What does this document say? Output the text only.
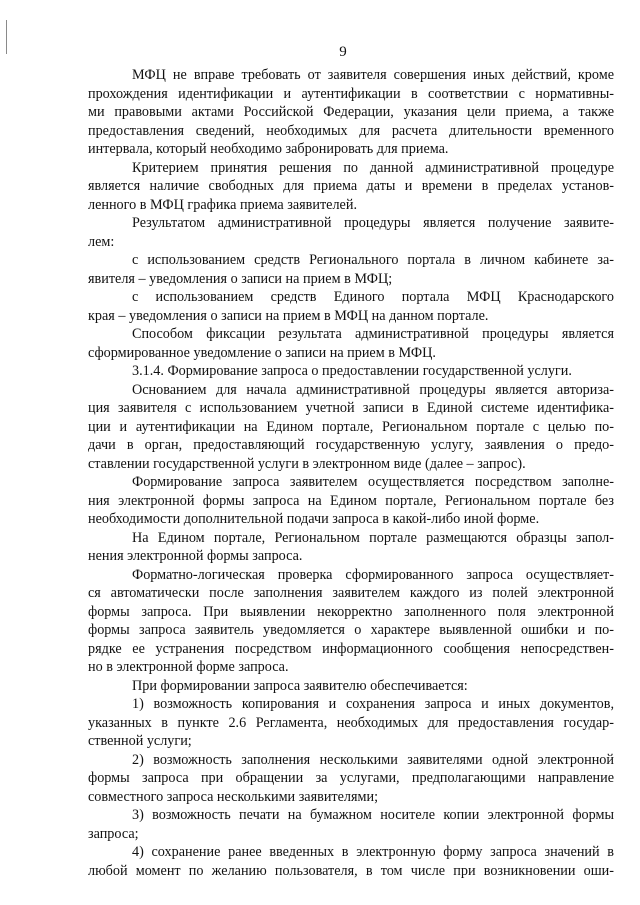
9
МФЦ не вправе требовать от заявителя совершения иных действий, кроме
прохождения идентификации и аутентификации в соответствии с нормативны-
ми правовыми актами Российской Федерации, указания цели приема, а также
предоставления сведений, необходимых для расчета длительности временного
интервала, который необходимо забронировать для приема.
Критерием принятия решения по данной административной процедуре
является наличие свободных для приема даты и времени в пределах установ-
ленного в МФЦ графика приема заявителей.
Результатом административной процедуры является получение заявите-
лем:
с использованием средств Регионального портала в личном кабинете за-
явителя – уведомления о записи на прием в МФЦ;
с использованием средств Единого портала МФЦ Краснодарского
края – уведомления о записи на прием в МФЦ на данном портале.
Способом фиксации результата административной процедуры является
сформированное уведомление о записи на прием в МФЦ.
3.1.4. Формирование запроса о предоставлении государственной услуги.
Основанием для начала административной процедуры является авториза-
ция заявителя с использованием учетной записи в Единой системе идентифика-
ции и аутентификации на Едином портале, Региональном портале с целью по-
дачи в орган, предоставляющий государственную услугу, заявления о предо-
ставлении государственной услуги в электронном виде (далее – запрос).
Формирование запроса заявителем осуществляется посредством заполне-
ния электронной формы запроса на Едином портале, Региональном портале без
необходимости дополнительной подачи запроса в какой-либо иной форме.
На Едином портале, Региональном портале размещаются образцы запол-
нения электронной формы запроса.
Форматно-логическая проверка сформированного запроса осуществляет-
ся автоматически после заполнения заявителем каждого из полей электронной
формы запроса. При выявлении некорректно заполненного поля электронной
формы запроса заявитель уведомляется о характере выявленной ошибки и по-
рядке ее устранения посредством информационного сообщения непосредствен-
но в электронной форме запроса.
При формировании запроса заявителю обеспечивается:
1) возможность копирования и сохранения запроса и иных документов,
указанных в пункте 2.6 Регламента, необходимых для предоставления государ-
ственной услуги;
2) возможность заполнения несколькими заявителями одной электронной
формы запроса при обращении за услугами, предполагающими направление
совместного запроса несколькими заявителями;
3) возможность печати на бумажном носителе копии электронной формы
запроса;
4) сохранение ранее введенных в электронную форму запроса значений в
любой момент по желанию пользователя, в том числе при возникновении оши-
